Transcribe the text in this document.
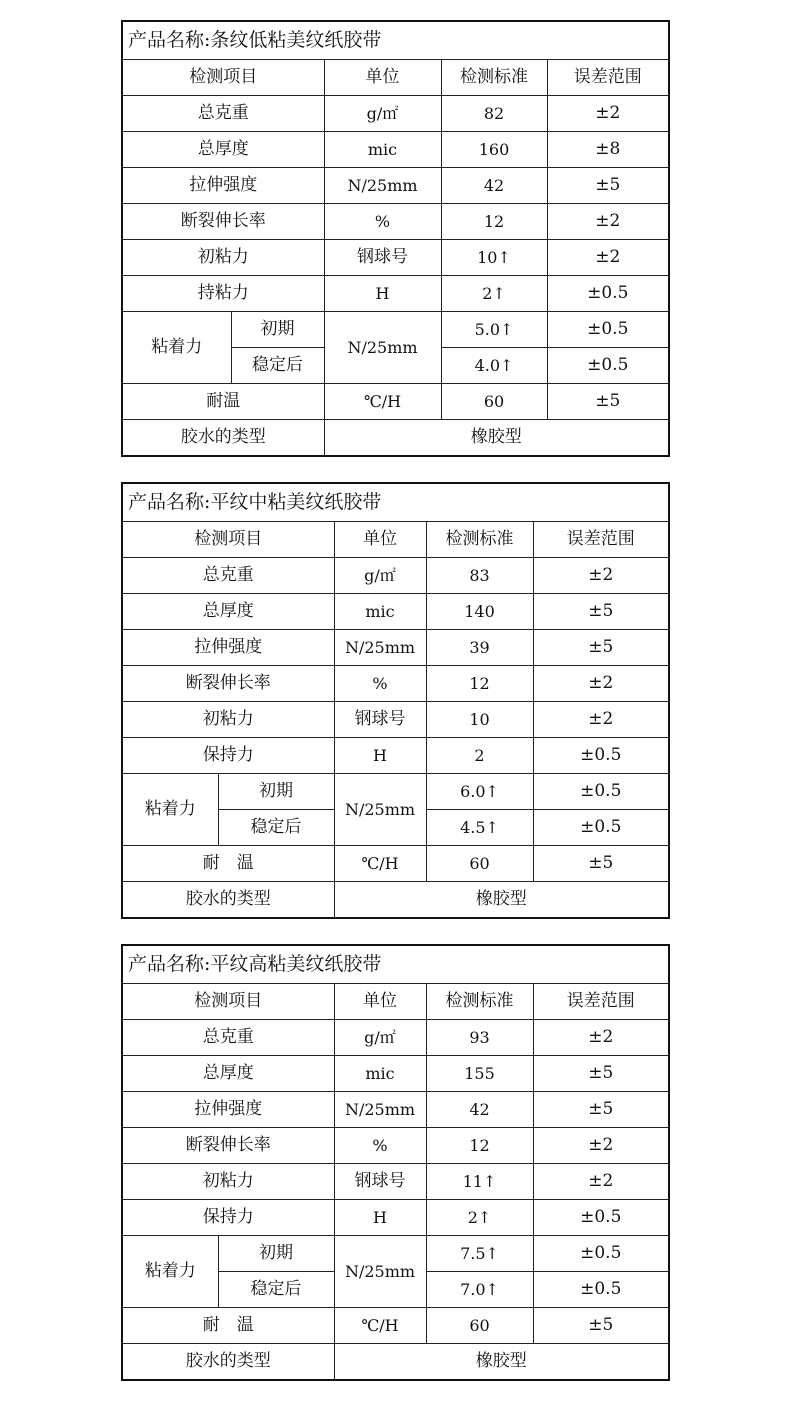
产品名称:条纹低粘美纹纸胶带				
检测项目		单位	检测标准	误差范围
总克重		g/㎡	82	±2
总厚度		mic	160	±8
拉伸强度		N/25mm	42	±5
断裂伸长率		%	12	±2
初粘力		钢球号	10↑	±2
持粘力		H	2↑	±0.5
粘着力	初期	N/25mm	5.0↑	±0.5
	稳定后		4.0↑	±0.5
耐温		℃/H	60	±5
胶水的类型		橡胶型		
产品名称:平纹中粘美纹纸胶带				
检测项目		单位	检测标准	误差范围
总克重		g/㎡	83	±2
总厚度		mic	140	±5
拉伸强度		N/25mm	39	±5
断裂伸长率		%	12	±2
初粘力		钢球号	10	±2
保持力		H	2	±0.5
粘着力	初期	N/25mm	6.0↑	±0.5
	稳定后		4.5↑	±0.5
耐　温		℃/H	60	±5
胶水的类型		橡胶型		
产品名称:平纹高粘美纹纸胶带				
检测项目		单位	检测标准	误差范围
总克重		g/㎡	93	±2
总厚度		mic	155	±5
拉伸强度		N/25mm	42	±5
断裂伸长率		%	12	±2
初粘力		钢球号	11↑	±2
保持力		H	2↑	±0.5
粘着力	初期	N/25mm	7.5↑	±0.5
	稳定后		7.0↑	±0.5
耐　温		℃/H	60	±5
胶水的类型		橡胶型		
